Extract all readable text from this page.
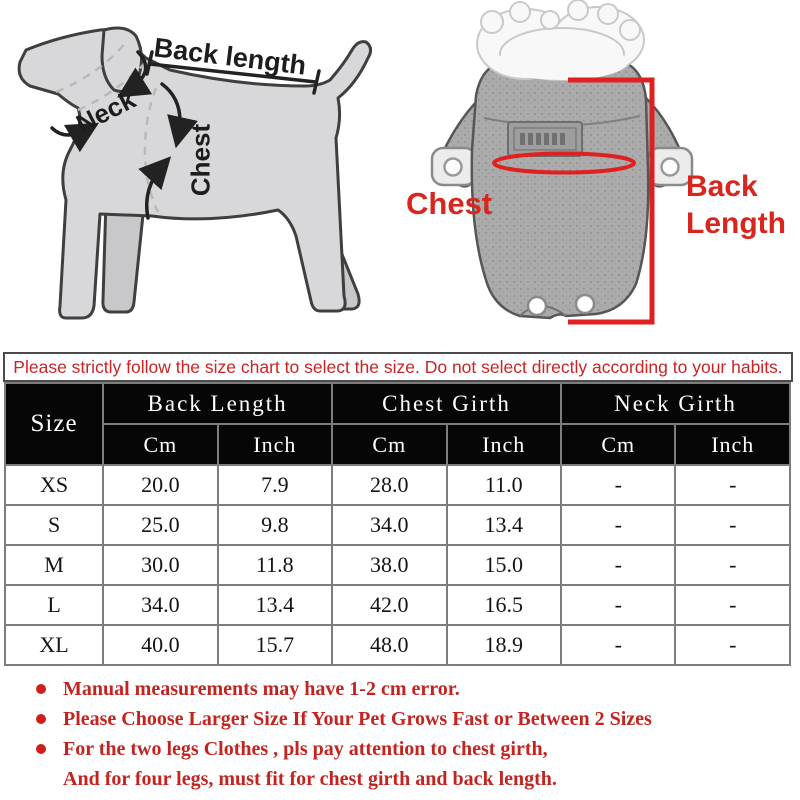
Back length
Neck
Chest
Chest	Back
Length
Please strictly follow the size chart to select the size. Do not select directly according to your habits.
Size	Back Length		Chest Girth		Neck Girth	
	Cm	Inch	Cm	Inch	Cm	Inch
XS	20.0	7.9	28.0	11.0	-	-
S	25.0	9.8	34.0	13.4	-	-
M	30.0	11.8	38.0	15.0	-	-
L	34.0	13.4	42.0	16.5	-	-
XL	40.0	15.7	48.0	18.9	-	-
Manual measurements may have 1-2 cm error.
Please Choose Larger Size If Your Pet Grows Fast or Between 2 Sizes
For the two legs Clothes , pls pay attention to chest girth,
And for four legs, must fit for chest girth and back length.
